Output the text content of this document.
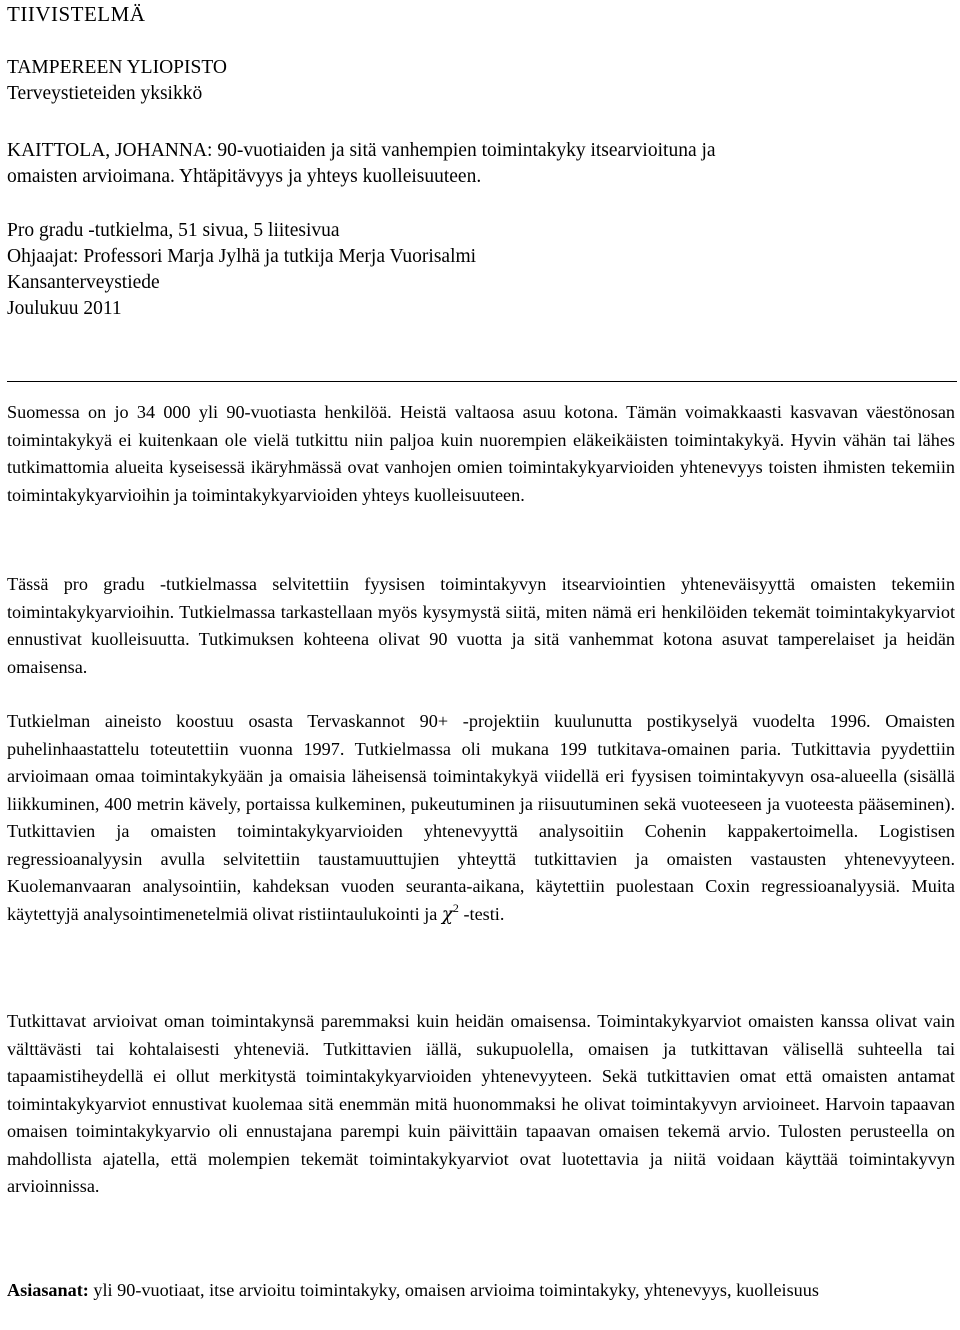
TIIVISTELMÄ
TAMPEREEN YLIOPISTO
Terveystieteiden yksikkö
KAITTOLA, JOHANNA: 90-vuotiaiden ja sitä vanhempien toimintakyky itsearvioituna ja
omaisten arvioimana. Yhtäpitävyys ja yhteys kuolleisuuteen.
Pro gradu -tutkielma, 51 sivua, 5 liitesivua
Ohjaajat: Professori Marja Jylhä ja tutkija Merja Vuorisalmi
Kansanterveystiede
Joulukuu 2011

Suomessa on jo 34 000 yli 90-vuotiasta henkilöä. Heistä valtaosa asuu kotona. Tämän voimakkaasti kasvavan väestönosan toimintakykyä ei kuitenkaan ole vielä tutkittu niin paljoa kuin nuorempien eläkeikäisten toimintakykyä. Hyvin vähän tai lähes tutkimattomia alueita kyseisessä ikäryhmässä ovat vanhojen omien toimintakykyarvioiden yhtenevyys toisten ihmisten tekemiin toimintakykyarvioihin ja toimintakykyarvioiden yhteys kuolleisuuteen.

Tässä pro gradu -tutkielmassa selvitettiin fyysisen toimintakyvyn itsearviointien yhteneväisyyttä omaisten tekemiin toimintakykyarvioihin. Tutkielmassa tarkastellaan myös kysymystä siitä, miten nämä eri henkilöiden tekemät toimintakykyarviot ennustivat kuolleisuutta. Tutkimuksen kohteena olivat 90 vuotta ja sitä vanhemmat kotona asuvat tamperelaiset ja heidän omaisensa.

Tutkielman aineisto koostuu osasta Tervaskannot 90+ -projektiin kuulunutta postikyselyä vuodelta 1996. Omaisten puhelinhaastattelu toteutettiin vuonna 1997. Tutkielmassa oli mukana 199 tutkitava-omainen paria. Tutkittavia pyydettiin arvioimaan omaa toimintakykyään ja omaisia läheisensä toimintakykyä viidellä eri fyysisen toimintakyvyn osa-alueella (sisällä liikkuminen, 400 metrin kävely, portaissa kulkeminen, pukeutuminen ja riisuutuminen sekä vuoteeseen ja vuoteesta pääseminen). Tutkittavien ja omaisten toimintakykyarvioiden yhtenevyyttä analysoitiin Cohenin kappakertoimella. Logistisen regressioanalyysin avulla selvitettiin taustamuuttujien yhteyttä tutkittavien ja omaisten vastausten yhtenevyyteen. Kuolemanvaaran analysointiin, kahdeksan vuoden seuranta-aikana, käytettiin puolestaan Coxin regressioanalyysiä. Muita käytettyjä analysointimenetelmiä olivat ristiintaulukointi ja $\chi^2$ -testi.

Tutkittavat arvioivat oman toimintakynsä paremmaksi kuin heidän omaisensa. Toimintakykyarviot omaisten kanssa olivat vain välttävästi tai kohtalaisesti yhteneviä. Tutkittavien iällä, sukupuolella, omaisen ja tutkittavan välisellä suhteella tai tapaamistiheydellä ei ollut merkitystä toimintakykyarvioiden yhtenevyyteen. Sekä tutkittavien omat että omaisten antamat toimintakykyarviot ennustivat kuolemaa sitä enemmän mitä huonommaksi he olivat toimintakyvyn arvioineet. Harvoin tapaavan omaisen toimintakykyarvio oli ennustajana parempi kuin päivittäin tapaavan omaisen tekemä arvio. Tulosten perusteella on mahdollista ajatella, että molempien tekemät toimintakykyarviot ovat luotettavia ja niitä voidaan käyttää toimintakyvyn arvioinnissa.

Asiasanat: yli 90-vuotiaat, itse arvioitu toimintakyky, omaisen arvioima toimintakyky, yhtenevyys, kuolleisuus
